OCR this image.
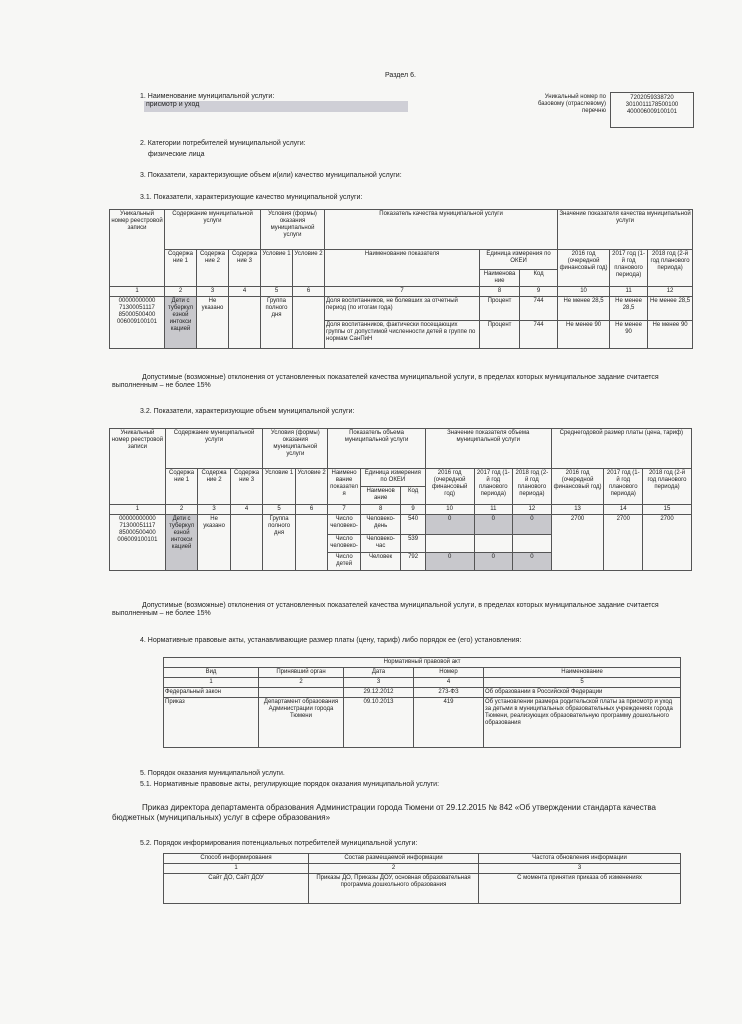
Раздел 6.
1. Наименование муниципальной услуги:
присмотр и уход
Уникальный номер по базовому (отраслевому) перечню
7202059338720
3010011178500100
400006009100101
2. Категории потребителей муниципальной услуги:
физические лица
3. Показатели, характеризующие объем и(или) качество муниципальной услуги:
3.1. Показатели, характеризующие качество муниципальной услуги:
Уникальный номер реестровой записи	Содержание муниципальной услуги			Условия (формы) оказания муниципальной услуги		Показатель качества муниципальной услуги			Значение показателя качества муниципальной услуги		
	Содержа ние 1	Содержа ние 2	Содержа ние 3	Условие 1	Условие 2	Наименование показателя	Единица измерения по ОКЕИ		2016 год (очередной финансовый год)	2017 год (1-й год планового периода)	2018 год (2-й год планового периода)
							Наименова ние	Код			
1	2	3	4	5	6	7	8	9	10	11	12
00000000000 71300051117 85000500400 006009100101	Дети с туберкул езной интокси кацией	Не указано		Группа полного дня		Доля воспитанников, не болевших за отчетный период (по итогам года)	Процент	744	Не менее 28,5	Не менее 28,5	Не менее 28,5
						Доля воспитанников, фактически посещающих группы от допустимой численности детей в группе по нормам СанПиН	Процент	744	Не менее 90	Не менее 90	Не менее 90
Допустимые (возможные) отклонения от установленных показателей качества муниципальной услуги, в пределах которых муниципальное задание считается выполненным – не более 15%
3.2. Показатели, характеризующие объем муниципальной услуги:
Уникальный номер реестровой записи	Содержание муниципальной услуги			Условия (формы) оказания муниципальной услуги		Показатель объема муниципальной услуги			Значение показателя объема муниципальной услуги			Среднегодовой размер платы (цена, тариф)		
	Содержа ние 1	Содержа ние 2	Содержа ние 3	Условие 1	Условие 2	Наимено вание показател я	Единица измерения по ОКЕИ		2016 год (очередной финансовый год)	2017 год (1-й год планового периода)	2018 год (2-й год планового периода)	2016 год (очередной финансовый год)	2017 год (1-й год планового периода)	2018 год (2-й год планового периода)
							Наименов ание	Код						
1	2	3	4	5	6	7	8	9	10	11	12	13	14	15
00000000000 71300051117 85000500400 006009100101	Дети с туберкул езной интокси кацией	Не указано		Группа полного дня		Число человеко-	Человеко-день	540	0	0	0	2700	2700	2700
						Число человеко-	Человеко-час	539						
						Число детей	Человек	792	0	0	0			
Допустимые (возможные) отклонения от установленных показателей качества муниципальной услуги, в пределах которых муниципальное задание считается выполненным – не более 15%
4. Нормативные правовые акты, устанавливающие размер платы (цену, тариф) либо порядок ее (его) установления:
Нормативный правовой акт				
Вид	Принявший орган	Дата	Номер	Наименование
1	2	3	4	5
Федеральный закон		29.12.2012	273-ФЗ	Об образовании в Российской Федерации
Приказ	Департамент образования Администрации города Тюмени	09.10.2013	419	Об установлении размера родительской платы за присмотр и уход за детьми в муниципальных образовательных учреждениях города Тюмени, реализующих образовательную программу дошкольного образования
5. Порядок оказания муниципальной услуги.
5.1. Нормативные правовые акты, регулирующие порядок оказания муниципальной услуги:
Приказ директора департамента образования Администрации города Тюмени от 29.12.2015 № 842 «Об утверждении стандарта качества бюджетных (муниципальных) услуг в сфере образования»
5.2. Порядок информирования потенциальных потребителей муниципальной услуги:
Способ информирования	Состав размещаемой информации	Частота обновления информации
1	2	3
Сайт ДО, Сайт ДОУ	Приказы ДО, Приказы ДОУ, основная образовательная программа дошкольного образования	С момента принятия приказа об изменениях
